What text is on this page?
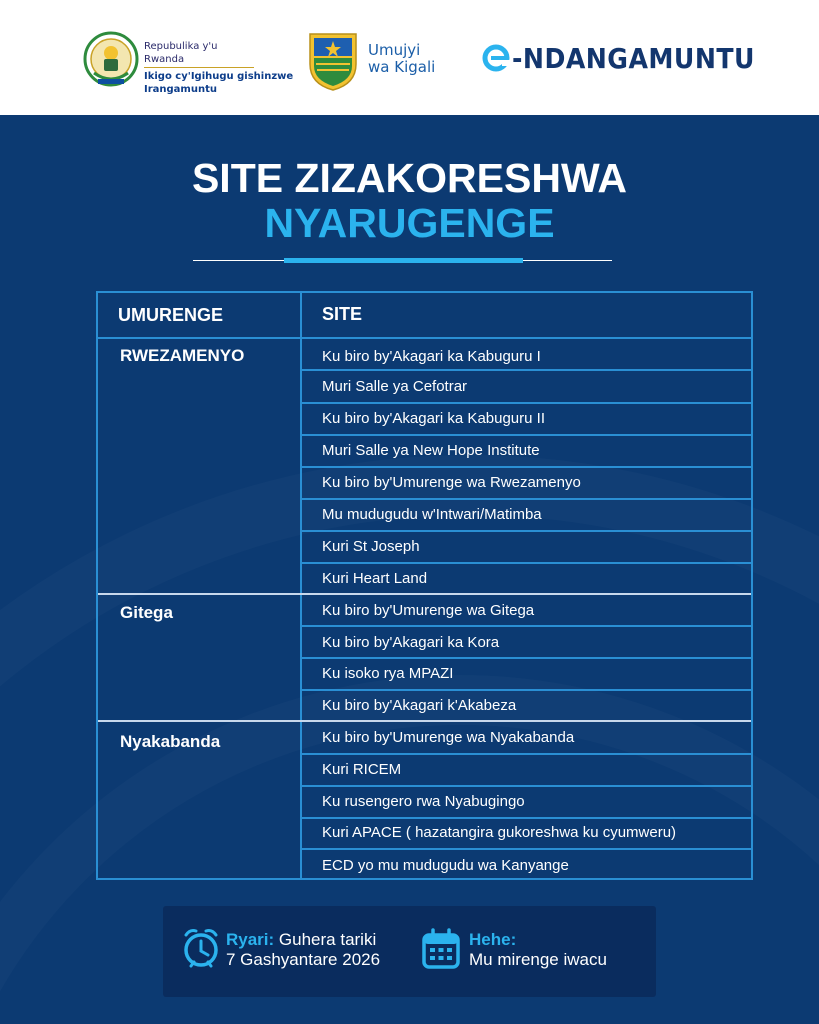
Repubulika y'u Rwanda
Ikigo cy'Igihugu gishinzwe
Irangamuntu
Umujyi
wa Kigali	-NDANGAMUNTU
SITE ZIZAKORESHWA
NYARUGENGE
UMURENGE	SITE
RWEZAMENYO	Ku biro by'Akagari ka Kabuguru I
Muri Salle ya Cefotrar
Ku biro by'Akagari ka Kabuguru II
Muri Salle ya New Hope Institute
Ku biro by'Umurenge wa Rwezamenyo
Mu mudugudu w'Intwari/Matimba
Kuri St Joseph
Kuri Heart Land
Gitega	Ku biro by'Umurenge wa Gitega
Ku biro by'Akagari ka Kora
Ku isoko rya MPAZI
Ku biro by'Akagari k'Akabeza
Nyakabanda	Ku biro by'Umurenge wa Nyakabanda
Kuri RICEM
Ku rusengero rwa Nyabugingo
Kuri APACE ( hazatangira gukoreshwa ku cyumweru)
ECD yo mu mudugudu wa Kanyange
Ryari: Guhera tariki
7 Gashyantare 2026
Hehe:
Mu mirenge iwacu
